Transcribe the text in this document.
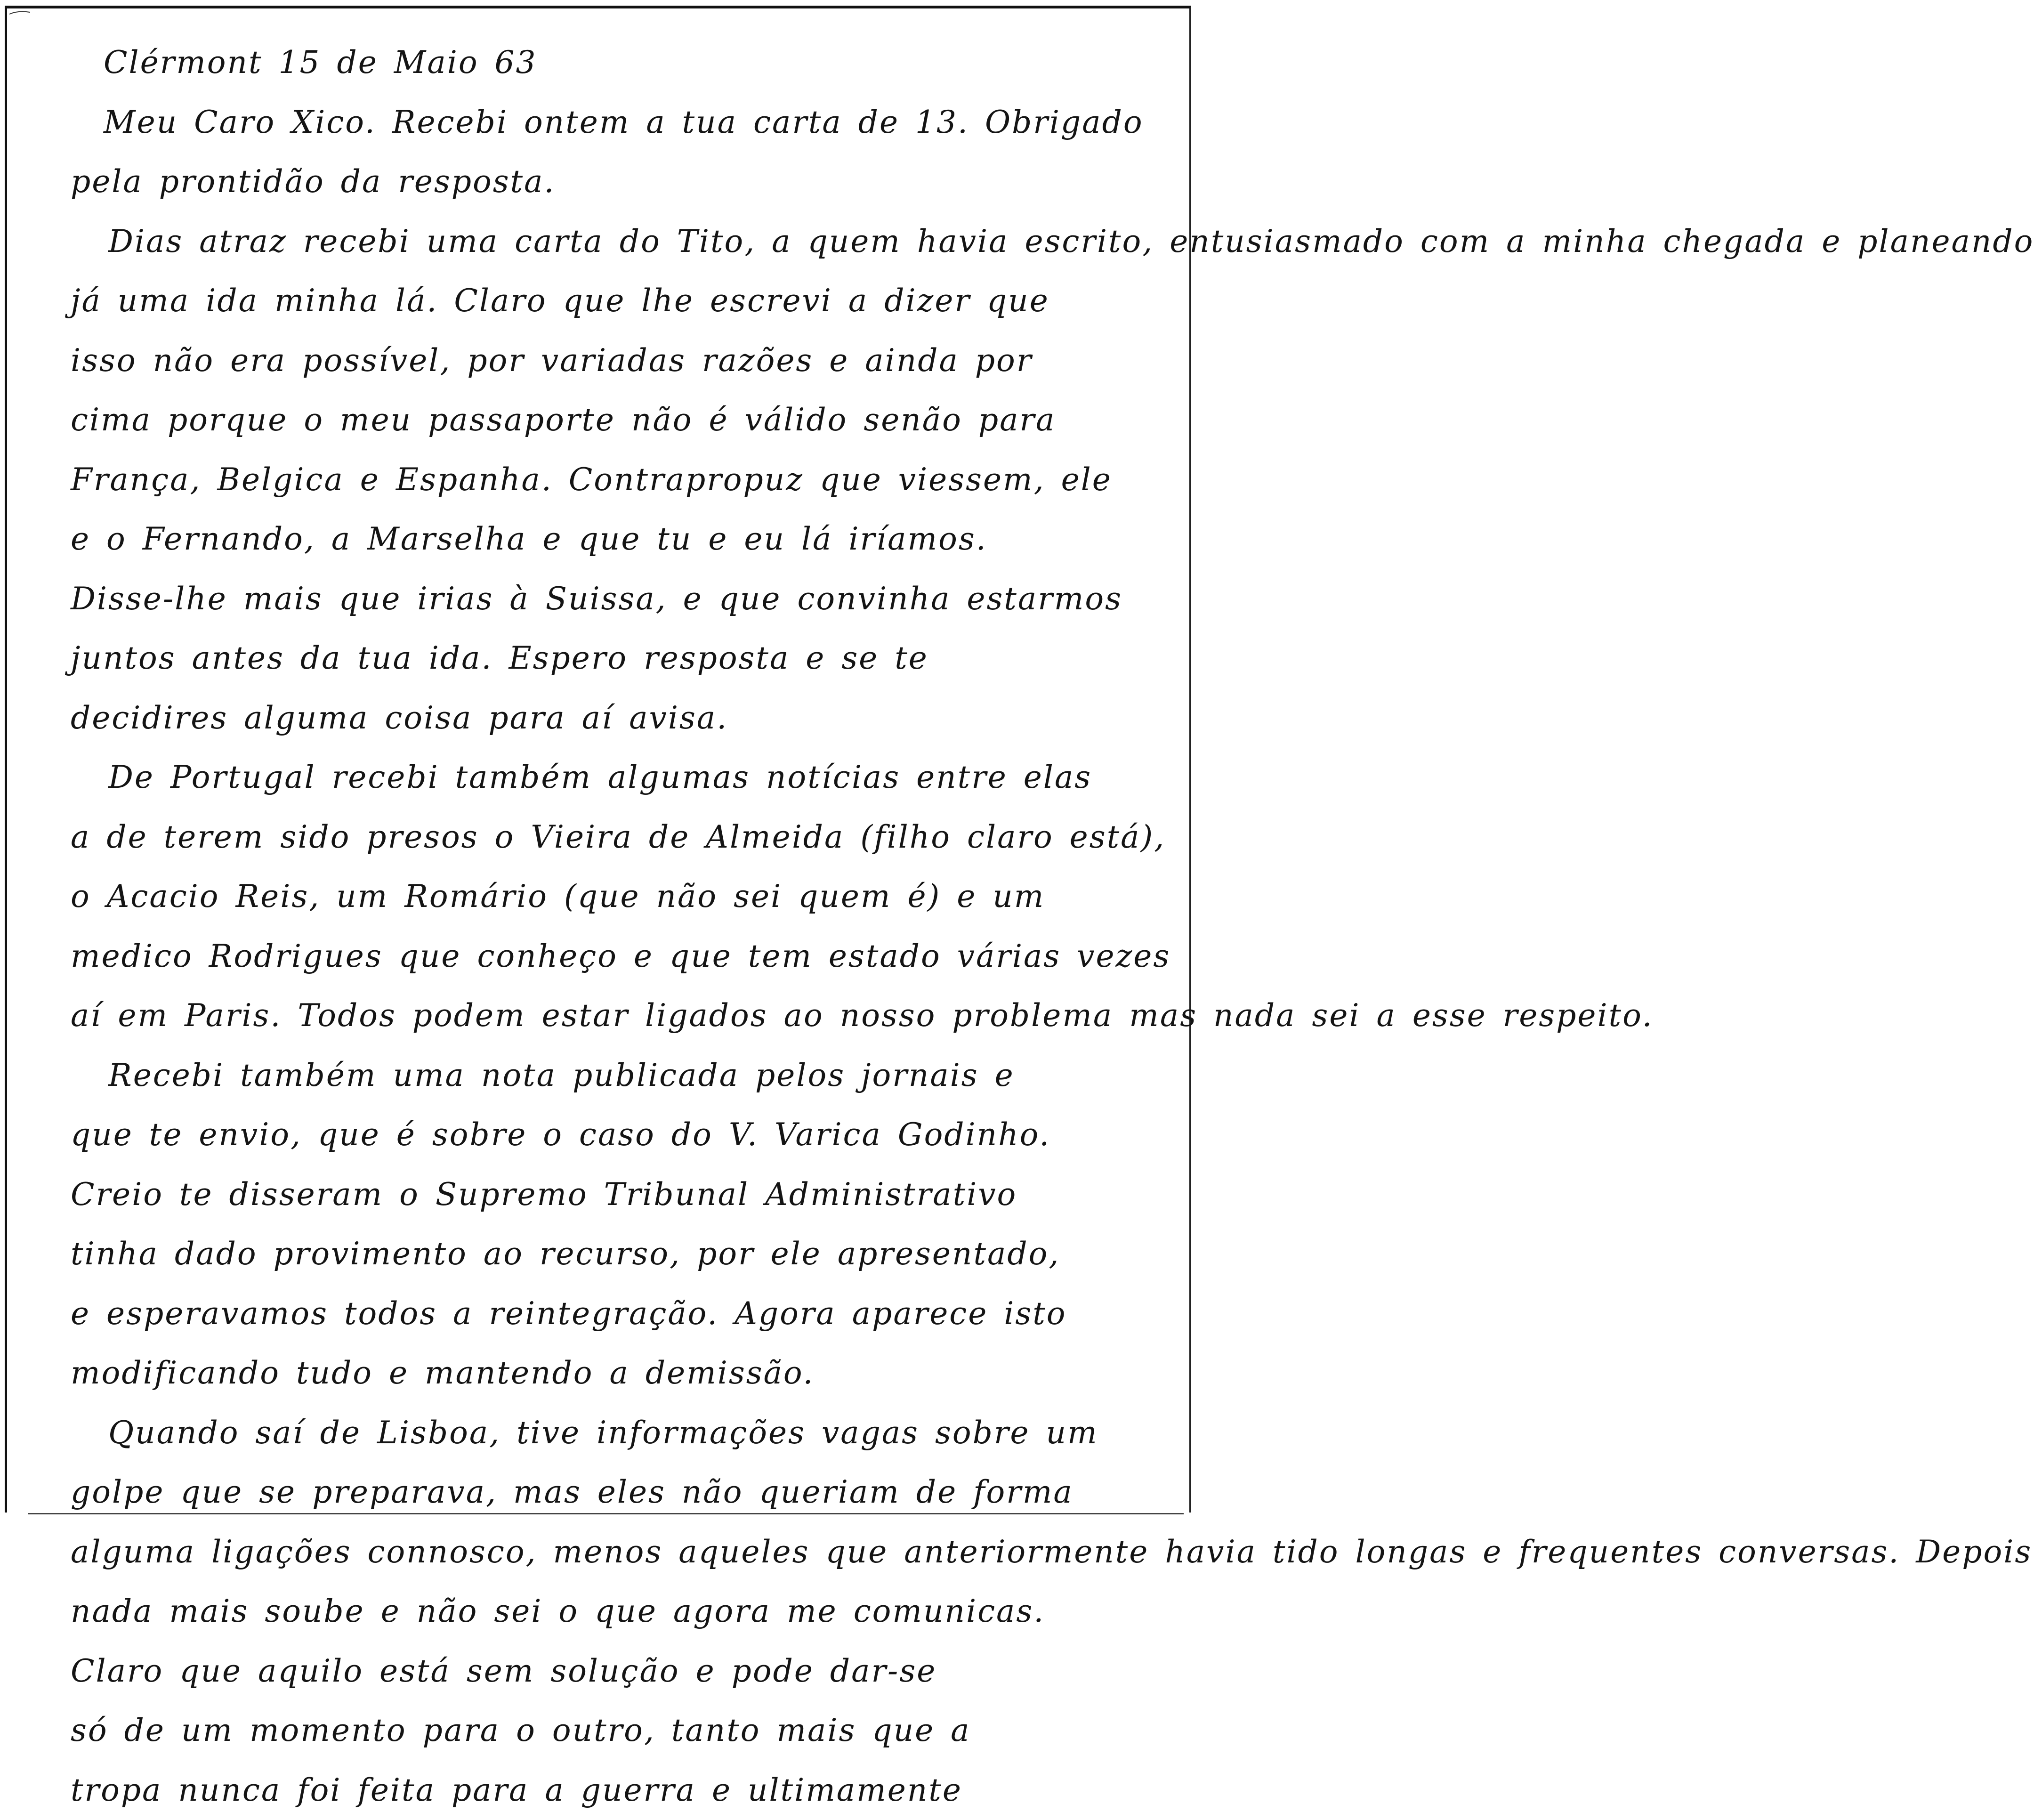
Clérmont 15 de Maio 63
Meu Caro Xico. Recebi ontem a tua carta de 13. Obrigado
pela prontidão da resposta.
Dias atraz recebi uma carta do Tito, a quem havia escrito, entusiasmado com a minha chegada e planeando
já uma ida minha lá. Claro que lhe escrevi a dizer que
isso não era possível, por variadas razões e ainda por
cima porque o meu passaporte não é válido senão para
França, Belgica e Espanha. Contrapropuz que viessem, ele
e o Fernando, a Marselha e que tu e eu lá iríamos.
Disse-lhe mais que irias à Suissa, e que convinha estarmos
juntos antes da tua ida. Espero resposta e se te
decidires alguma coisa para aí avisa.
De Portugal recebi também algumas notícias entre elas
a de terem sido presos o Vieira de Almeida (filho claro está),
o Acacio Reis, um Romário (que não sei quem é) e um
medico Rodrigues que conheço e que tem estado várias vezes
aí em Paris. Todos podem estar ligados ao nosso problema mas nada sei a esse respeito.
Recebi também uma nota publicada pelos jornais e
que te envio, que é sobre o caso do V. Varica Godinho.
Creio te disseram o Supremo Tribunal Administrativo
tinha dado provimento ao recurso, por ele apresentado,
e esperavamos todos a reintegração. Agora aparece isto
modificando tudo e mantendo a demissão.
Quando saí de Lisboa, tive informações vagas sobre um
golpe que se preparava, mas eles não queriam de forma
alguma ligações connosco, menos aqueles que anteriormente havia tido longas e frequentes conversas. Depois
nada mais soube e não sei o que agora me comunicas.
Claro que aquilo está sem solução e pode dar-se
só de um momento para o outro, tanto mais que a
tropa nunca foi feita para a guerra e ultimamente
